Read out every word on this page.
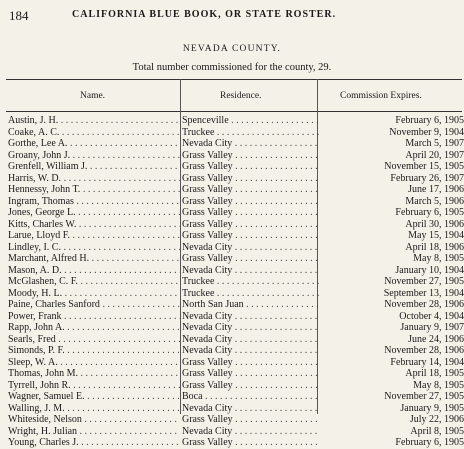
184	CALIFORNIA BLUE BOOK, OR STATE ROSTER.
NEVADA COUNTY.
Total number commissioned for the county, 29.
Name.	Residence.	Commission Expires.
Austin, J. H. . . .	Spenceville . . .	February 6, 1905
Coake, A. C. . . .	Truckee . . .	November 9, 1904
Gorthe, Lee A. . . .	Nevada City . . .	March 5, 1907
Groany, John J. . . .	Grass Valley . . .	April 20, 1907
Grenfell, William J. . . .	Grass Valley . . .	November 15, 1905
Harris, W. D. . . .	Grass Valley . . .	February 26, 1907
Hennessy, John T. . . .	Grass Valley . . .	June 17, 1906
Ingram, Thomas . . .	Grass Valley . . .	March 5, 1906
Jones, George L. . . .	Grass Valley . . .	February 6, 1905
Kitts, Charles W. . . .	Grass Valley . . .	April 30, 1906
Larue, Lloyd F. . . .	Grass Valley . . .	May 15, 1904
Lindley, I. C. . . .	Nevada City . . .	April 18, 1906
Marchant, Alfred H. . . .	Grass Valley . . .	May 8, 1905
Mason, A. D. . . .	Nevada City . . .	January 10, 1904
McGlashen, C. F. . . .	Truckee . . .	November 27, 1905
Moody, H. L. . . .	Truckee . . .	September 13, 1904
Paine, Charles Sanford . . .	North San Juan . . .	November 28, 1906
Power, Frank . . .	Nevada City . . .	October 4, 1904
Rapp, John A. . . .	Nevada City . . .	January 9, 1907
Searls, Fred . . .	Nevada City . . .	June 24, 1906
Simonds, P. F. . . .	Nevada City . . .	November 28, 1906
Sleep, W. A. . . .	Grass Valley . . .	February 14, 1904
Thomas, John M. . . .	Grass Valley . . .	April 18, 1905
Tyrrell, John R. . . .	Grass Valley . . .	May 8, 1905
Wagner, Samuel E. . . .	Boca . . .	November 27, 1905
Walling, J. M. . . .	Nevada City . . .	January 9, 1905
Whiteside, Nelson . . .	Grass Valley . . .	July 22, 1906
Wright, H. Julian . . .	Nevada City . . .	April 8, 1905
Young, Charles J. . . .	Grass Valley . . .	February 6, 1905
